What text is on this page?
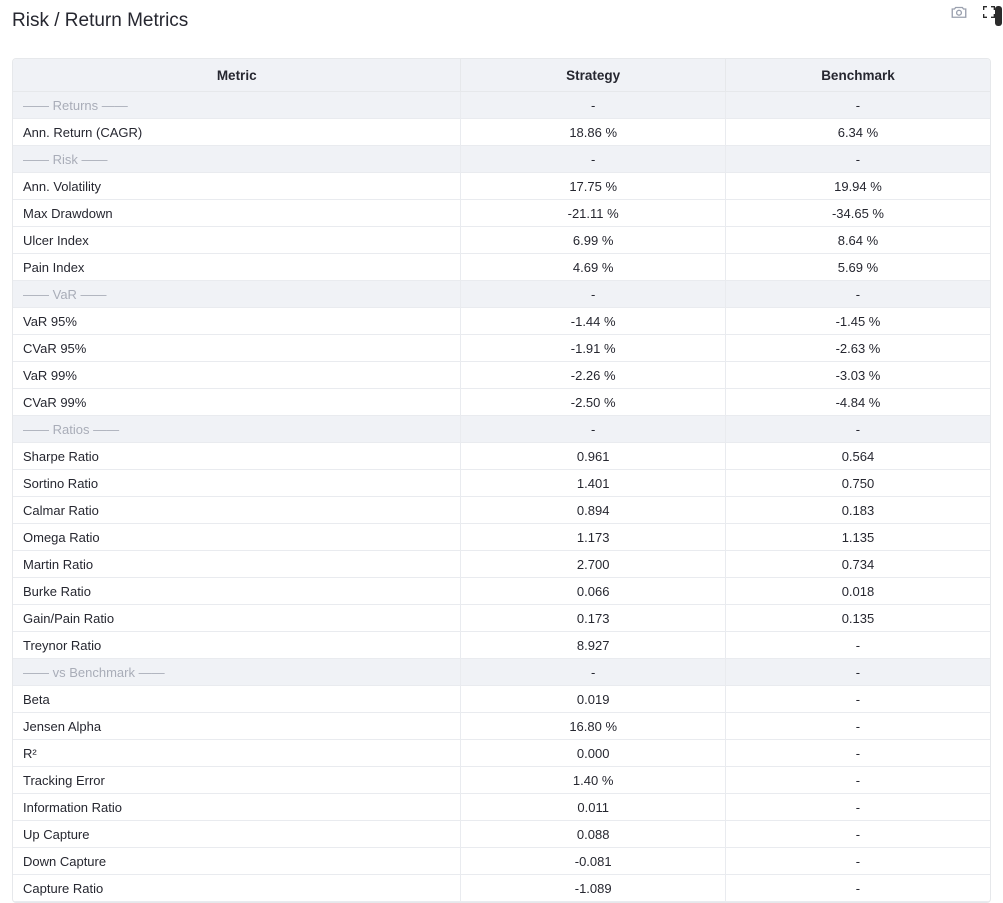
Risk / Return Metrics
Metric	Strategy	Benchmark
—— Returns ——	-	-
Ann. Return (CAGR)	18.86 %	6.34 %
—— Risk ——	-	-
Ann. Volatility	17.75 %	19.94 %
Max Drawdown	-21.11 %	-34.65 %
Ulcer Index	6.99 %	8.64 %
Pain Index	4.69 %	5.69 %
—— VaR ——	-	-
VaR 95%	-1.44 %	-1.45 %
CVaR 95%	-1.91 %	-2.63 %
VaR 99%	-2.26 %	-3.03 %
CVaR 99%	-2.50 %	-4.84 %
—— Ratios ——	-	-
Sharpe Ratio	0.961	0.564
Sortino Ratio	1.401	0.750
Calmar Ratio	0.894	0.183
Omega Ratio	1.173	1.135
Martin Ratio	2.700	0.734
Burke Ratio	0.066	0.018
Gain/Pain Ratio	0.173	0.135
Treynor Ratio	8.927	-
—— vs Benchmark ——	-	-
Beta	0.019	-
Jensen Alpha	16.80 %	-
R²	0.000	-
Tracking Error	1.40 %	-
Information Ratio	0.011	-
Up Capture	0.088	-
Down Capture	-0.081	-
Capture Ratio	-1.089	-
